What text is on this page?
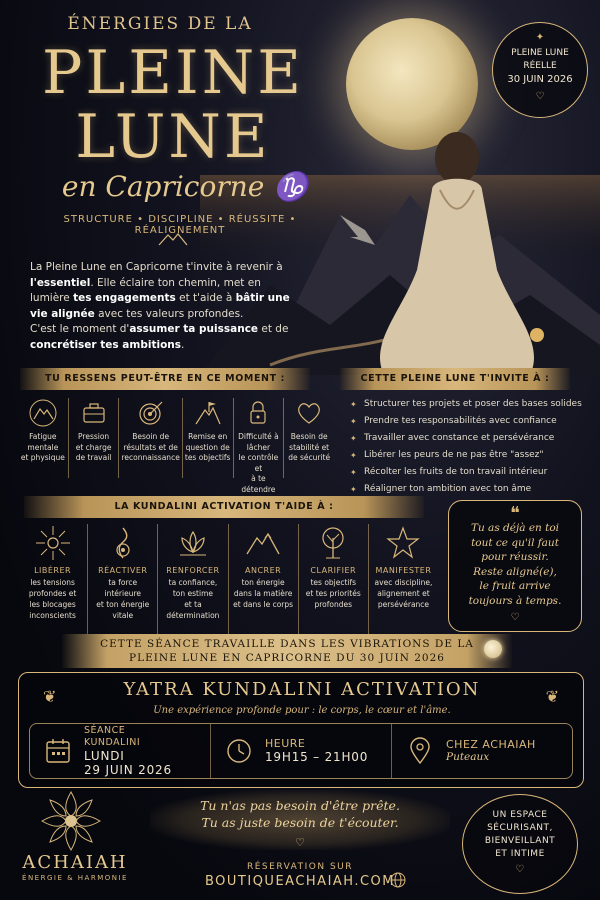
✦
PLEINE LUNE
RÉELLE
30 JUIN 2026
♡
ÉNERGIES DE LA
PLEINE
LUNE
en Capricorne ♑
STRUCTURE • DISCIPLINE • RÉUSSITE • RÉALIGNEMENT
La Pleine Lune en Capricorne t'invite à revenir à l'essentiel. Elle éclaire ton chemin, met en lumière tes engagements et t'aide à bâtir une vie alignée avec tes valeurs profondes.
C'est le moment d'assumer ta puissance et de concrétiser tes ambitions.
TU RESSENS PEUT-ÊTRE EN CE MOMENT :
Fatigue
mentale
et physique
Pression
et charge
de travail
Besoin de
résultats et de
reconnaissance
Remise en
question de
tes objectifs
Difficulté à lâcher
le contrôle et
à te détendre
Besoin de
stabilité et
de sécurité
CETTE PLEINE LUNE T'INVITE À :
✦ Structurer tes projets et poser des bases solides
✦ Prendre tes responsabilités avec confiance
✦ Travailler avec constance et persévérance
✦ Libérer les peurs de ne pas être "assez"
✦ Récolter les fruits de ton travail intérieur
✦ Réaligner ton ambition avec ton âme
LA KUNDALINI ACTIVATION T'AIDE À :
LIBÉRER
les tensions
profondes et
les blocages
inconscients
RÉACTIVER
ta force intérieure
et ton énergie
vitale
RENFORCER
ta confiance,
ton estime
et ta détermination
ANCRER
ton énergie
dans la matière
et dans le corps
CLARIFIER
tes objectifs
et tes priorités
profondes
MANIFESTER
avec discipline,
alignement et
persévérance
❝
Tu as déjà en toi
tout ce qu'il faut
pour réussir.
Reste aligné(e),
le fruit arrive
toujours à temps.
♡
CETTE SÉANCE TRAVAILLE DANS LES VIBRATIONS DE LA
PLEINE LUNE EN CAPRICORNE DU 30 JUIN 2026
❦	YATRA KUNDALINI ACTIVATION	❦
Une expérience profonde pour : le corps, le cœur et l'âme.
SÉANCE
KUNDALINI
LUNDI
29 JUIN 2026
HEURE
19H15 – 21H00
CHEZ ACHAIAH
Puteaux
ACHAIAH
ÉNERGIE & HARMONIE
Tu n'as pas besoin d'être prête.
Tu as juste besoin de t'écouter.
♡
RÉSERVATION SUR
BOUTIQUEACHAIAH.COM
UN ESPACE
SÉCURISANT,
BIENVEILLANT
ET INTIME
♡
